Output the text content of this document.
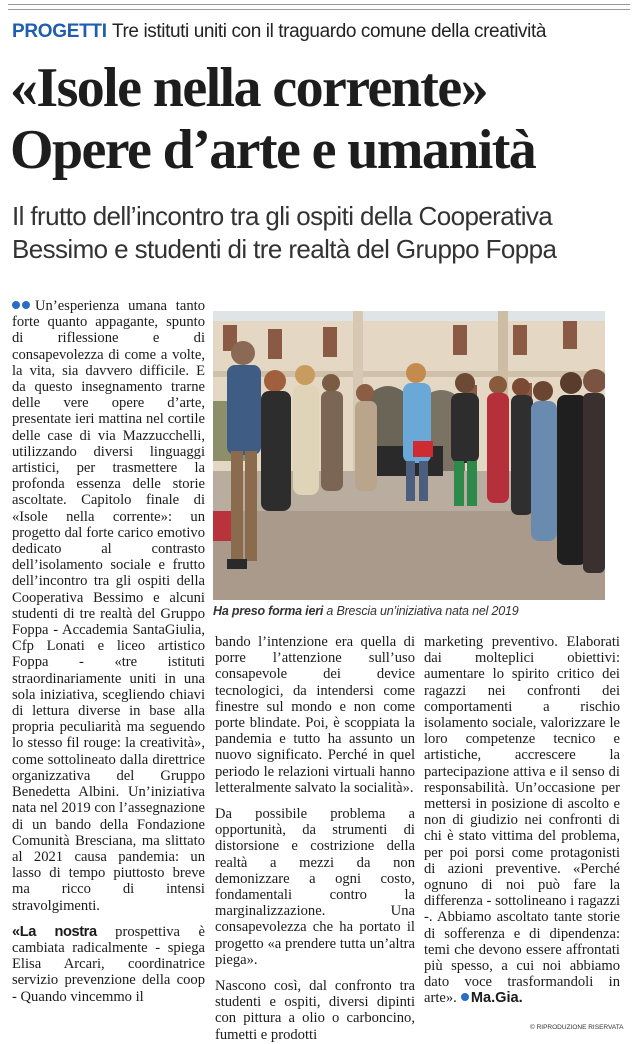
PROGETTI Tre istituti uniti con il traguardo comune della creatività
«Isole nella corrente»
Opere d’arte e umanità
Il frutto dell’incontro tra gli ospiti della Cooperativa Bessimo e studenti di tre realtà del Gruppo Foppa

Un’esperienza umana tanto forte quanto appagante, spunto di riflessione e di consapevolezza di come a volte, la vita, sia davvero difficile. E da questo insegnamento trarne delle vere opere d’arte, presentate ieri mattina nel cortile delle case di via Mazzucchelli, utilizzando diversi linguaggi artistici, per trasmettere la profonda essenza delle storie ascoltate. Capitolo finale di «Isole nella corrente»: un progetto dal forte carico emotivo dedicato al contrasto dell’isolamento sociale e frutto dell’incontro tra gli ospiti della Cooperativa Bessimo e alcuni studenti di tre realtà del Gruppo Foppa - Accademia SantaGiulia, Cfp Lonati e liceo artistico Foppa - «tre istituti straordinariamente uniti in una sola iniziativa, scegliendo chiavi di lettura diverse in base alla propria peculiarità ma seguendo lo stesso fil rouge: la creatività», come sottolineato dalla direttrice organizzativa del Gruppo Benedetta Albini. Un’iniziativa nata nel 2019 con l’assegnazione di un bando della Fondazione Comunità Bresciana, ma slittato al 2021 causa pandemia: un lasso di tempo piuttosto breve ma ricco di intensi stravolgimenti.

«La nostra prospettiva è cambiata radicalmente - spiega Elisa Arcari, coordinatrice servizio prevenzione della coop - Quando vincemmo il

Ha preso forma ieri a Brescia un’iniziativa nata nel 2019

bando l’intenzione era quella di porre l’attenzione sull’uso consapevole dei device tecnologici, da intendersi come finestre sul mondo e non come porte blindate. Poi, è scoppiata la pandemia e tutto ha assunto un nuovo significato. Perché in quel periodo le relazioni virtuali hanno letteralmente salvato la socialità».

Da possibile problema a opportunità, da strumenti di distorsione e costrizione della realtà a mezzi da non demonizzare a ogni costo, fondamentali contro la marginalizzazione. Una consapevolezza che ha portato il progetto «a prendere tutta un’altra piega».

Nascono così, dal confronto tra studenti e ospiti, diversi dipinti con pittura a olio o carboncino, fumetti e prodotti

marketing preventivo. Elaborati dai molteplici obiettivi: aumentare lo spirito critico dei ragazzi nei confronti dei comportamenti a rischio isolamento sociale, valorizzare le loro competenze tecnico e artistiche, accrescere la partecipazione attiva e il senso di responsabilità. Un’occasione per mettersi in posizione di ascolto e non di giudizio nei confronti di chi è stato vittima del problema, per poi porsi come protagonisti di azioni preventive. «Perché ognuno di noi può fare la differenza - sottolineano i ragazzi -. Abbiamo ascoltato tante storie di sofferenza e di dipendenza: temi che devono essere affrontati più spesso, a cui noi abbiamo dato voce trasformandoli in arte». Ma.Gia.

© RIPRODUZIONE RISERVATA
